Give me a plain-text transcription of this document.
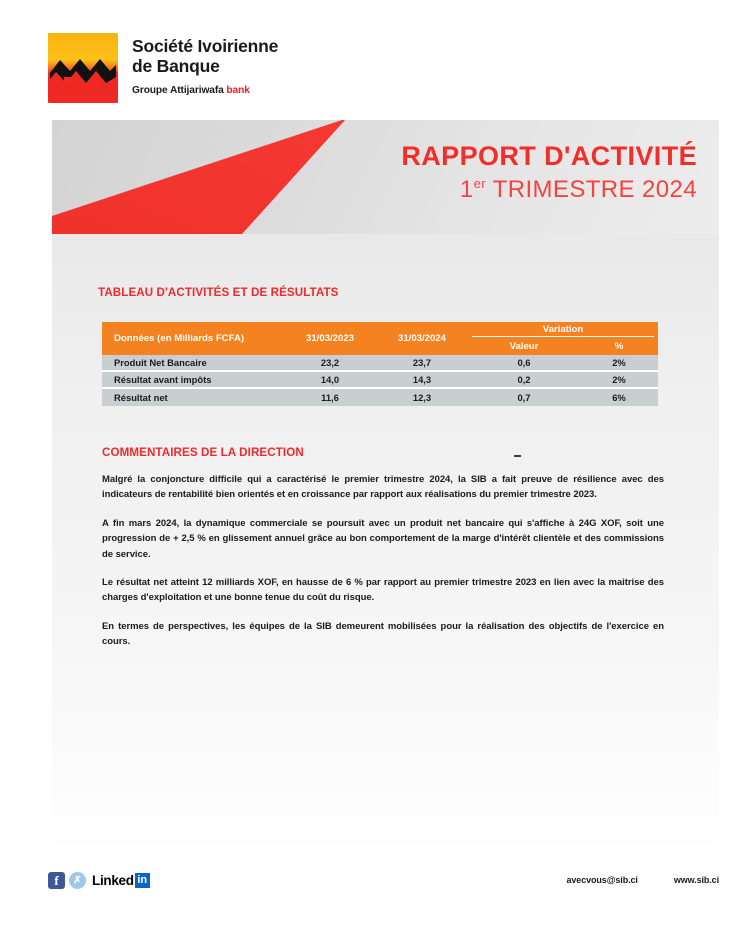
Société Ivoirienne
de Banque
Groupe Attijariwafa bank
RAPPORT D'ACTIVITÉ
1er TRIMESTRE 2024
TABLEAU D'ACTIVITÉS ET DE RÉSULTATS
Données (en Milliards FCFA)	31/03/2023	31/03/2024
Variation
Valeur	%
Produit Net Bancaire	23,2	23,7	0,6	2%
Résultat avant impôts	14,0	14,3	0,2	2%
Résultat net	11,6	12,3	0,7	6%
COMMENTAIRES DE LA DIRECTION

Malgré la conjoncture difficile qui a caractérisé le premier trimestre 2024, la SIB a fait preuve de résilience avec des indicateurs de rentabilité bien orientés et en croissance par rapport aux réalisations du premier trimestre 2023.

A fin mars 2024, la dynamique commerciale se poursuit avec un produit net bancaire qui s'affiche à 24G XOF, soit une progression de + 2,5 % en glissement annuel grâce au bon comportement de la marge d'intérêt clientèle et des commissions de service.

Le résultat net atteint 12 milliards XOF, en hausse de 6 % par rapport au premier trimestre 2023 en lien avec la maitrise des charges d'exploitation et une bonne tenue du coût du risque.

En termes de perspectives, les équipes de la SIB demeurent mobilisées pour la réalisation des objectifs de l'exercice en cours.

f	✗ Linked in	avecvous@sib.ci	www.sib.ci
